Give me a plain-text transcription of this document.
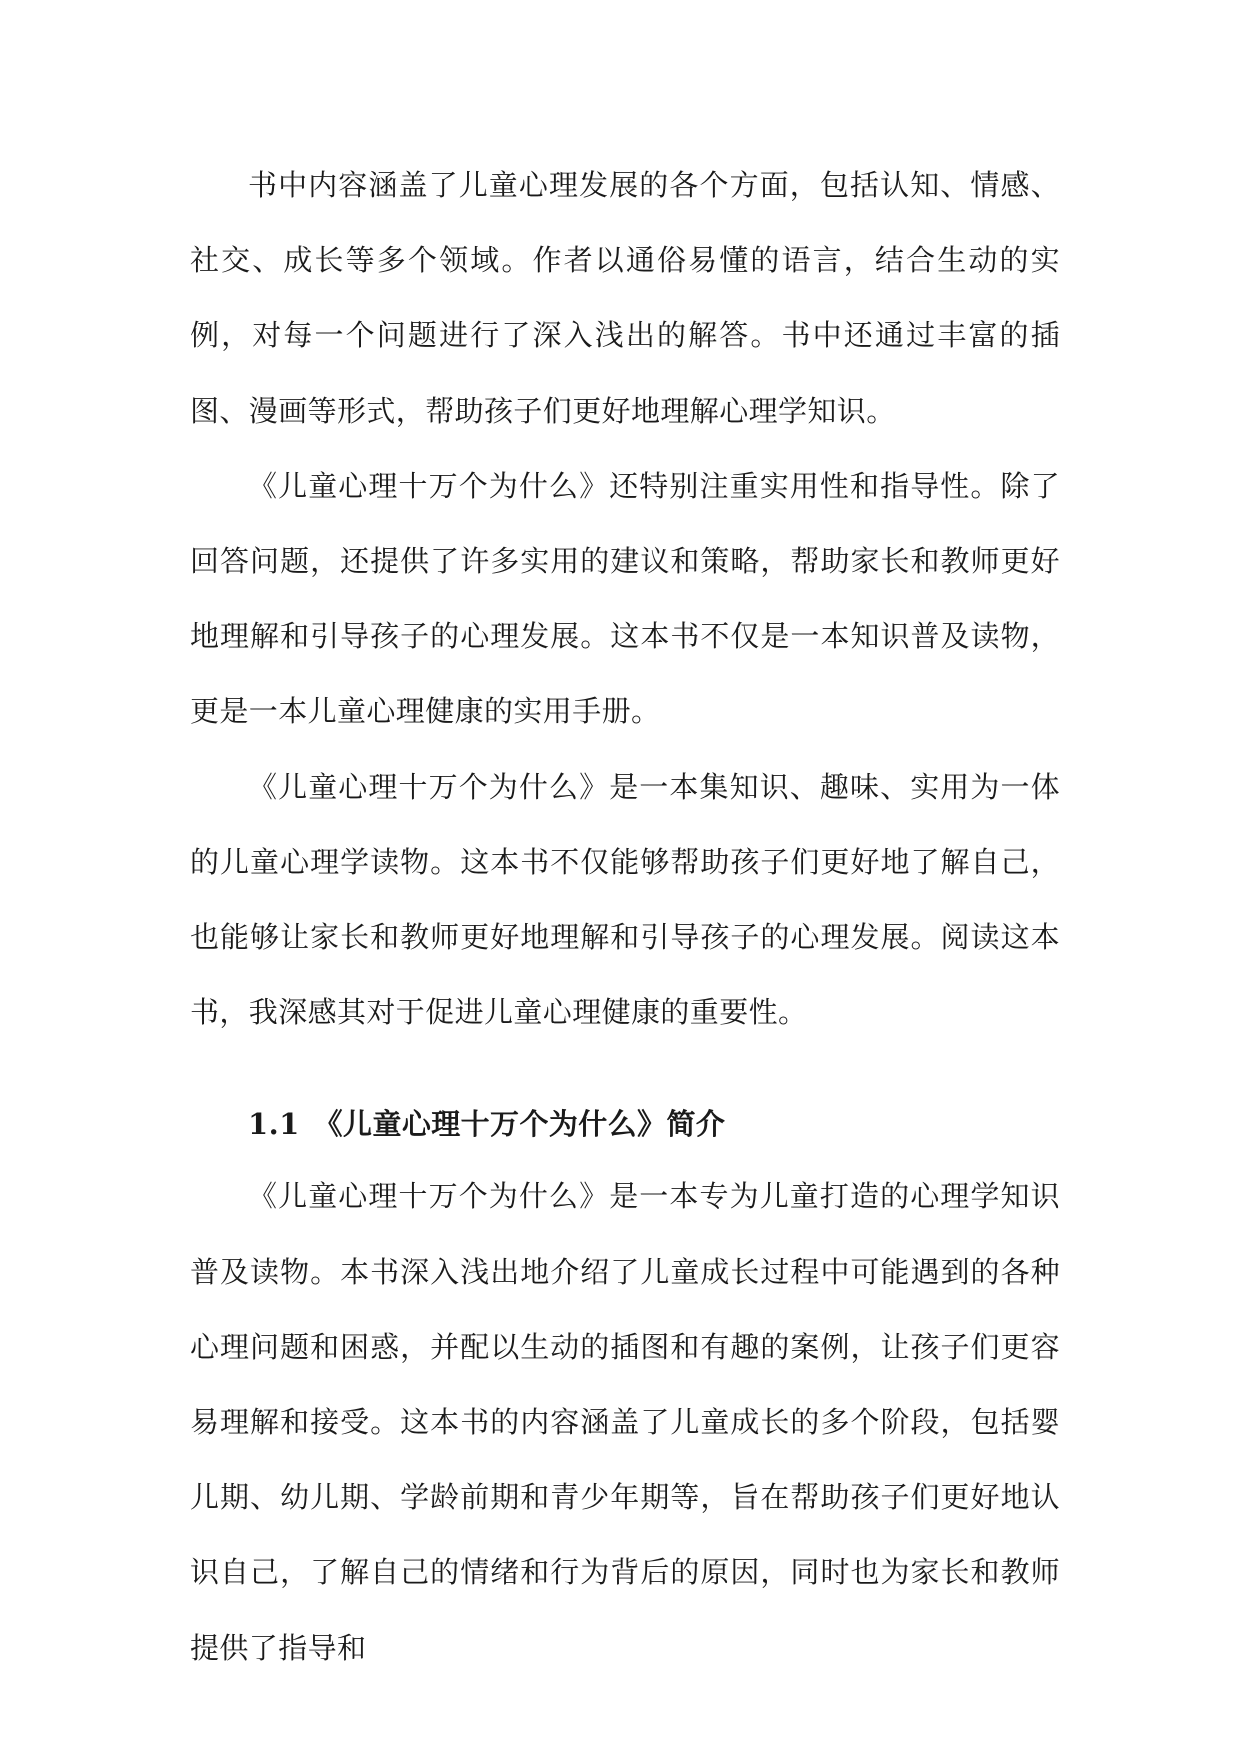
书中内容涵盖了儿童心理发展的各个方面，包括认知、情感、社交、成长等多个领域。作者以通俗易懂的语言，结合生动的实例，对每一个问题进行了深入浅出的解答。书中还通过丰富的插图、漫画等形式，帮助孩子们更好地理解心理学知识。

《儿童心理十万个为什么》还特别注重实用性和指导性。除了回答问题，还提供了许多实用的建议和策略，帮助家长和教师更好地理解和引导孩子的心理发展。这本书不仅是一本知识普及读物，更是一本儿童心理健康的实用手册。

《儿童心理十万个为什么》是一本集知识、趣味、实用为一体的儿童心理学读物。这本书不仅能够帮助孩子们更好地了解自己，也能够让家长和教师更好地理解和引导孩子的心理发展。阅读这本书，我深感其对于促进儿童心理健康的重要性。

1.1 《儿童心理十万个为什么》简介

《儿童心理十万个为什么》是一本专为儿童打造的心理学知识普及读物。本书深入浅出地介绍了儿童成长过程中可能遇到的各种心理问题和困惑，并配以生动的插图和有趣的案例，让孩子们更容易理解和接受。这本书的内容涵盖了儿童成长的多个阶段，包括婴儿期、幼儿期、学龄前期和青少年期等，旨在帮助孩子们更好地认识自己，了解自己的情绪和行为背后的原因，同时也为家长和教师提供了指导和
